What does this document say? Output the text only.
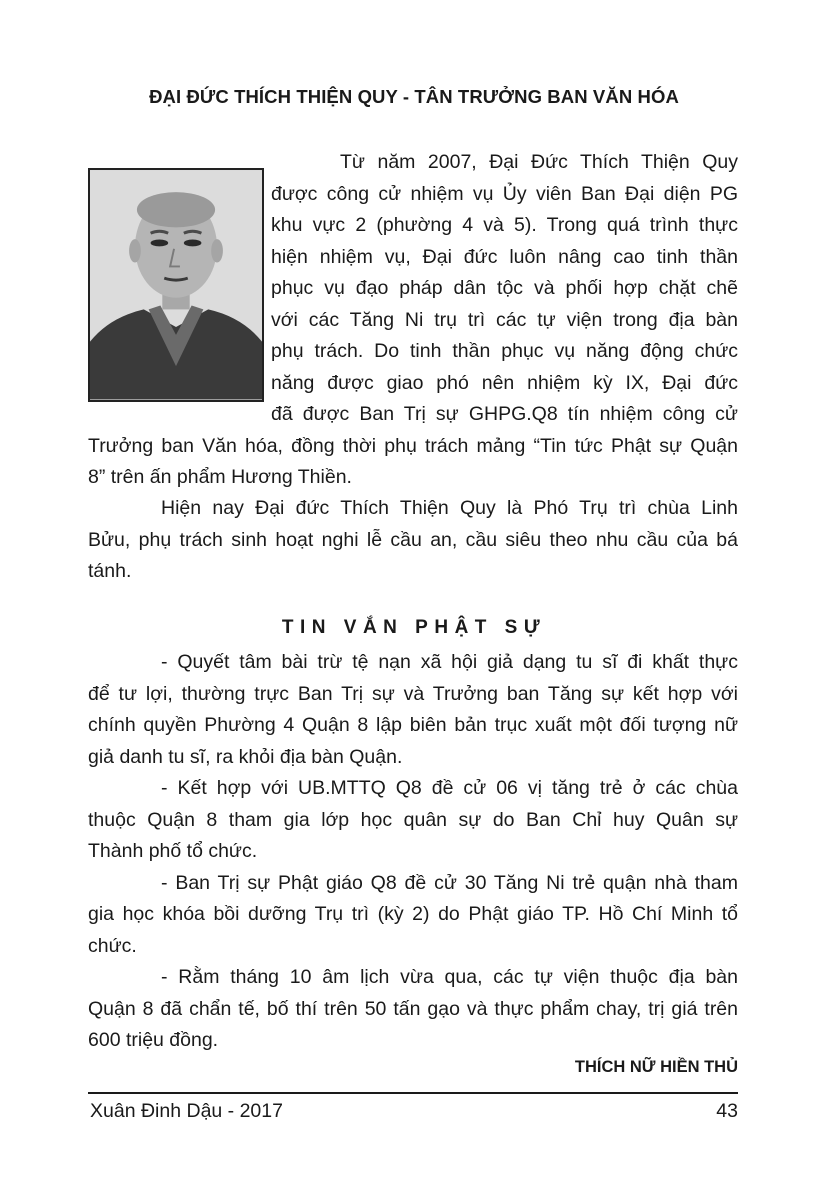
ĐẠI ĐỨC THÍCH THIỆN QUY - TÂN TRƯỞNG BAN VĂN HÓA
Từ năm 2007, Đại Đức Thích Thiện Quy
được công cử nhiệm vụ Ủy viên Ban Đại diện PG
khu vực 2 (phường 4 và 5). Trong quá trình thực
hiện nhiệm vụ, Đại đức luôn nâng cao tinh thần
phục vụ đạo pháp dân tộc và phối hợp chặt chẽ
với các Tăng Ni trụ trì các tự viện trong địa bàn
phụ trách. Do tinh thần phục vụ năng động chức
năng được giao phó nên nhiệm kỳ IX, Đại đức
đã được Ban Trị sự GHPG.Q8 tín nhiệm công cử
Trưởng ban Văn hóa, đồng thời phụ trách mảng “Tin tức Phật sự Quận
8” trên ấn phẩm Hương Thiền.
Hiện nay Đại đức Thích Thiện Quy là Phó Trụ trì chùa Linh
Bửu, phụ trách sinh hoạt nghi lễ cầu an, cầu siêu theo nhu cầu của bá
tánh.
TIN VẮN PHẬT SỰ
- Quyết tâm bài trừ tệ nạn xã hội giả dạng tu sĩ đi khất thực
để tư lợi, thường trực Ban Trị sự và Trưởng ban Tăng sự kết hợp với
chính quyền Phường 4 Quận 8 lập biên bản trục xuất một đối tượng nữ
giả danh tu sĩ, ra khỏi địa bàn Quận.
- Kết hợp với UB.MTTQ Q8 đề cử 06 vị tăng trẻ ở các chùa
thuộc Quận 8 tham gia lớp học quân sự do Ban Chỉ huy Quân sự
Thành phố tổ chức.
- Ban Trị sự Phật giáo Q8 đề cử 30 Tăng Ni trẻ quận nhà tham
gia học khóa bồi dưỡng Trụ trì (kỳ 2) do Phật giáo TP. Hồ Chí Minh tổ
chức.
- Rằm tháng 10 âm lịch vừa qua, các tự viện thuộc địa bàn
Quận 8 đã chẩn tế, bố thí trên 50 tấn gạo và thực phẩm chay, trị giá trên
600 triệu đồng.
THÍCH NỮ HIỀN THỦ
Xuân Đinh Dậu - 2017	43
